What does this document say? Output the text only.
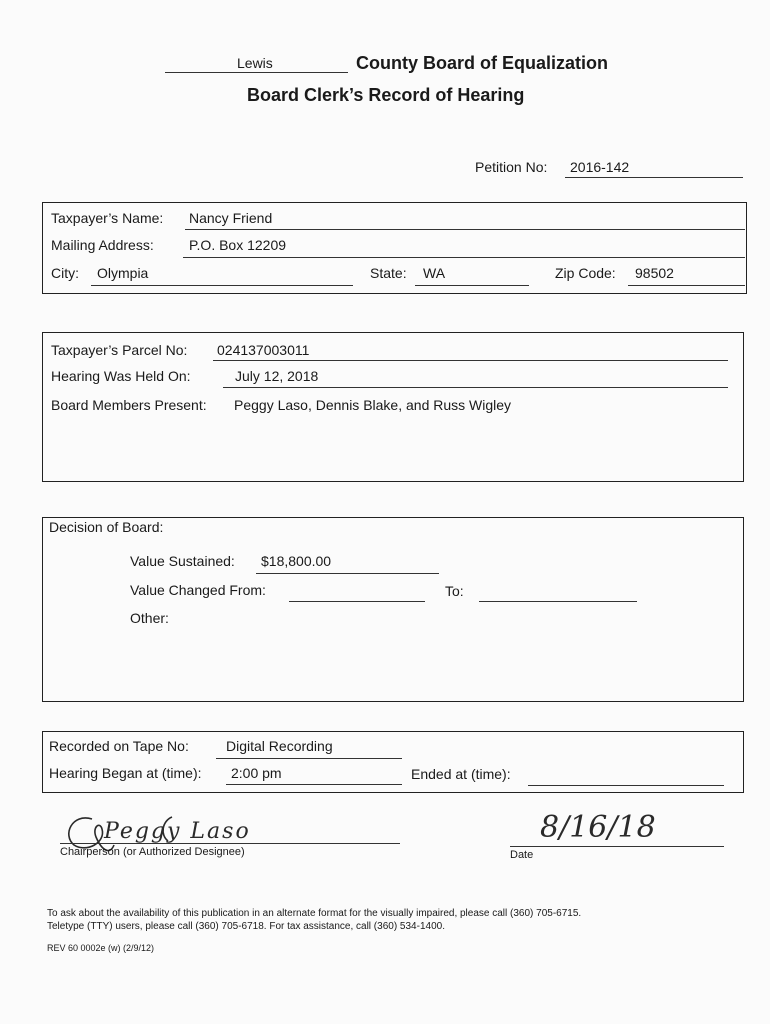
Lewis	County Board of Equalization
Board Clerk’s Record of Hearing
Petition No: 2016-142
Taxpayer’s Name: Nancy Friend
Mailing Address:	P.O. Box 12209
City: Olympia	State: WA	Zip Code: 98502
Taxpayer’s Parcel No: 024137003011
Hearing Was Held On:	July 12, 2018
Board Members Present: Peggy Laso, Dennis Blake, and Russ Wigley
Decision of Board:
Value Sustained: $18,800.00
Value Changed From:	To:
Other:
Recorded on Tape No:	Digital Recording
Hearing Began at (time): 2:00 pm	Ended at (time):
Peggy Laso
Chairperson (or Authorized Designee)
8/16/18
Date
To ask about the availability of this publication in an alternate format for the visually impaired, please call (360) 705-6715.
Teletype (TTY) users, please call (360) 705-6718. For tax assistance, call (360) 534-1400.
REV 60 0002e (w) (2/9/12)
